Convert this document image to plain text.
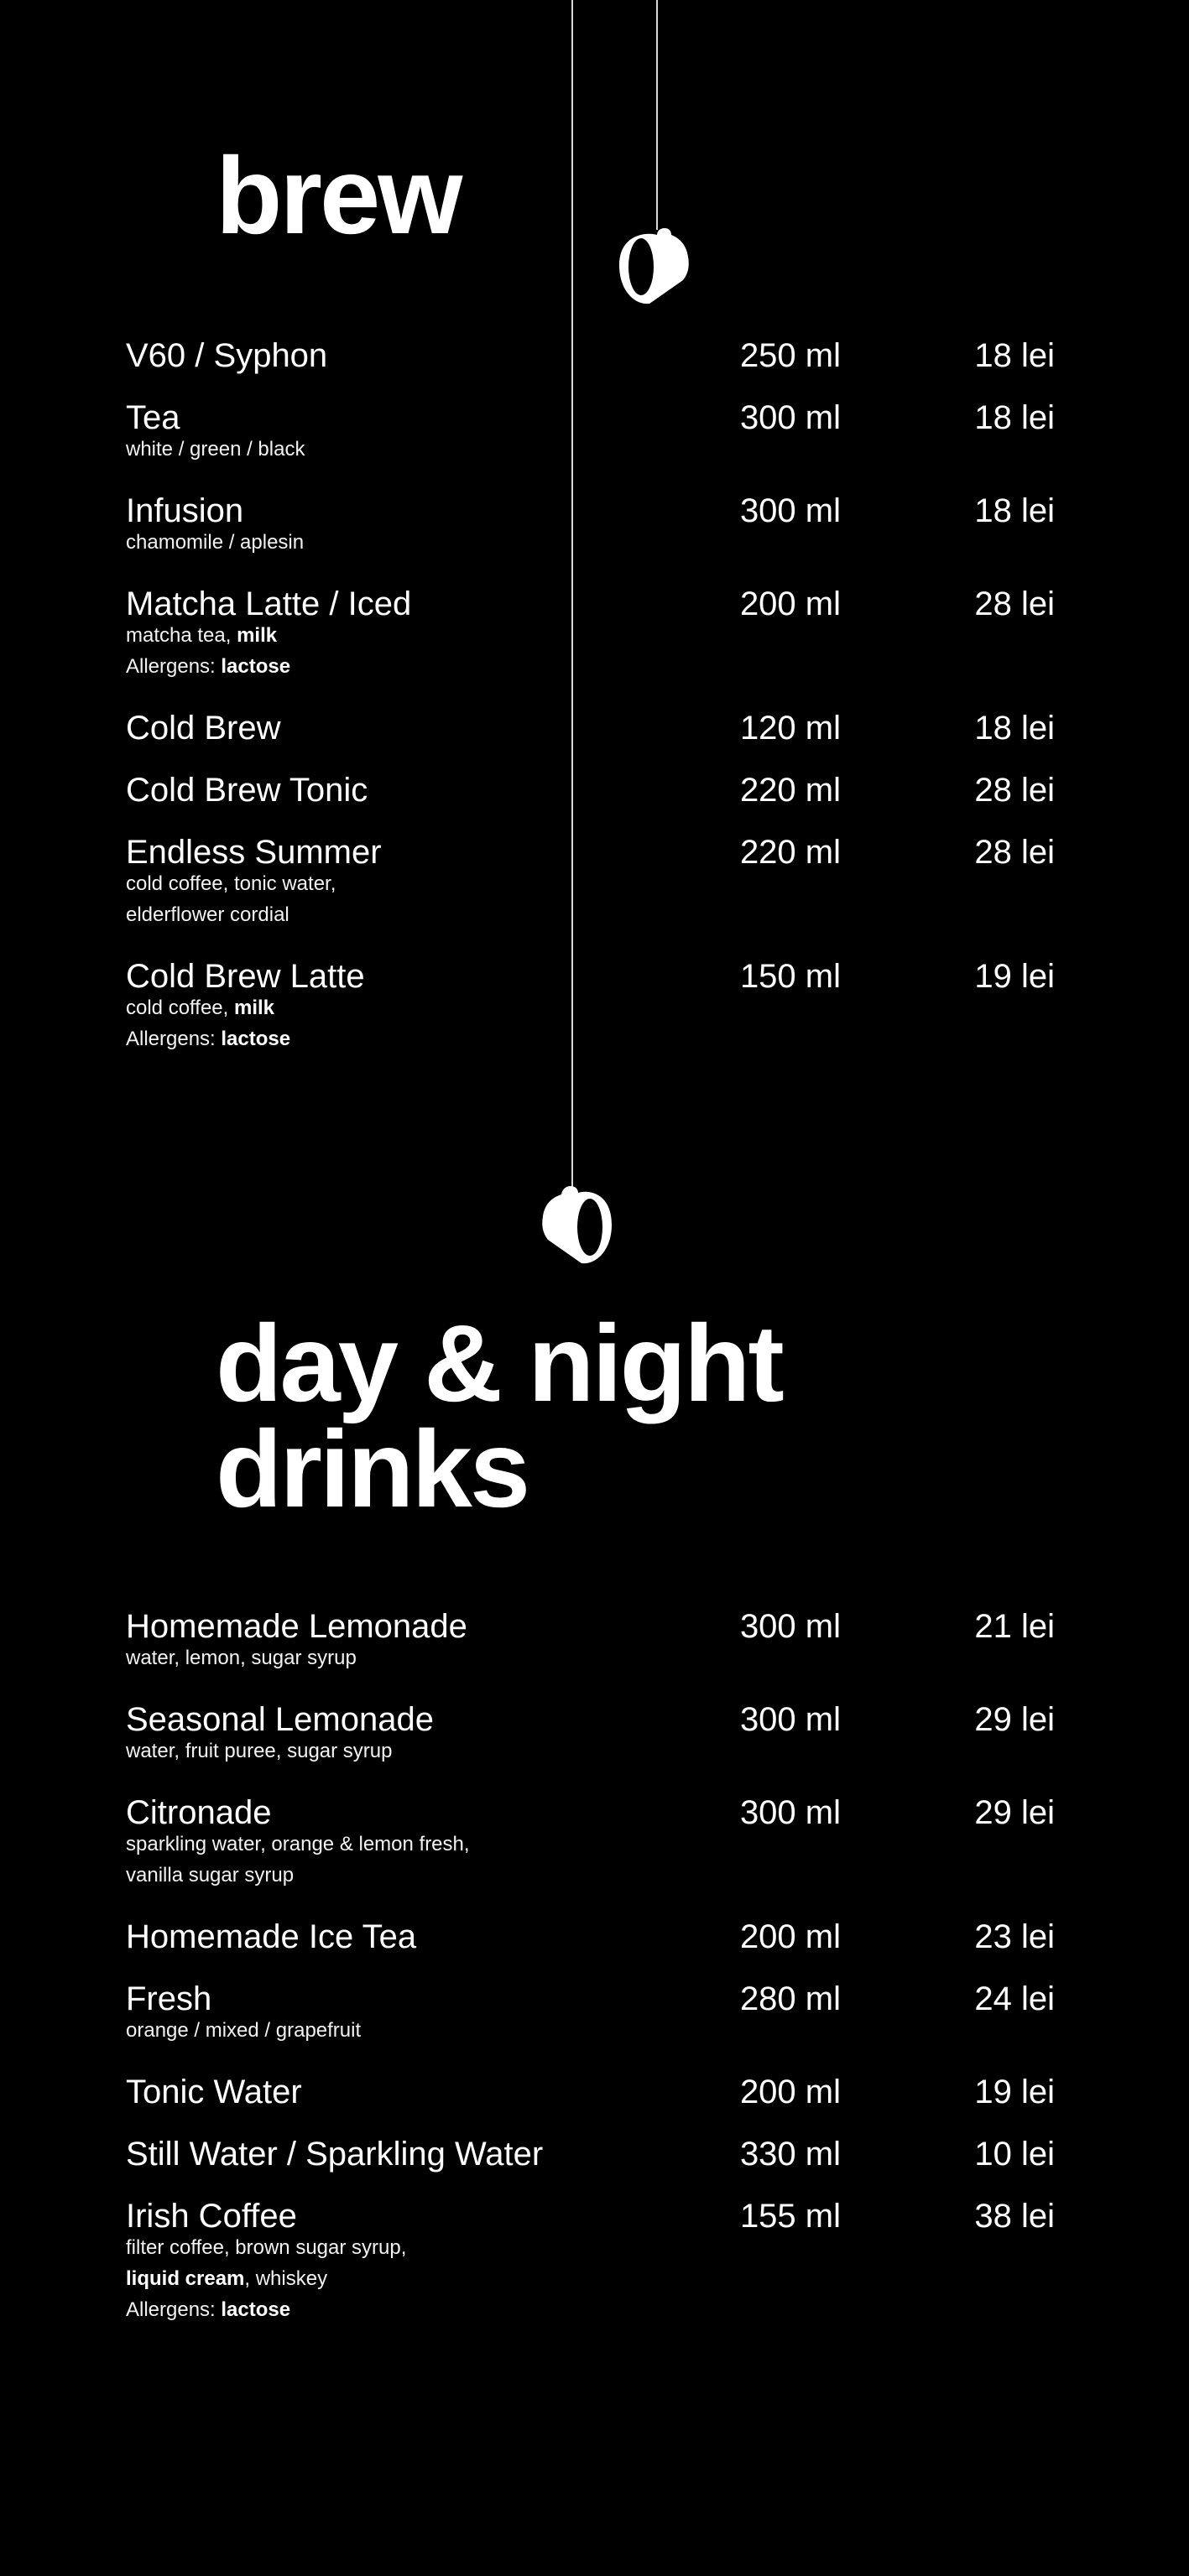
brew
V60 / Syphon	250 ml	18 lei
Tea	300 ml	18 lei
white / green / black
Infusion	300 ml	18 lei
chamomile / aplesin
Matcha Latte / Iced	200 ml	28 lei
matcha tea, milk
Allergens: lactose
Cold Brew	120 ml	18 lei
Cold Brew Tonic	220 ml	28 lei
Endless Summer	220 ml	28 lei
cold coffee, tonic water,
elderflower cordial
Cold Brew Latte	150 ml	19 lei
cold coffee, milk
Allergens: lactose
day & night
drinks
Homemade Lemonade	300 ml	21 lei
water, lemon, sugar syrup
Seasonal Lemonade	300 ml	29 lei
water, fruit puree, sugar syrup
Citronade	300 ml	29 lei
sparkling water, orange & lemon fresh,
vanilla sugar syrup
Homemade Ice Tea	200 ml	23 lei
Fresh	280 ml	24 lei
orange / mixed / grapefruit
Tonic Water	200 ml	19 lei
Still Water / Sparkling Water	330 ml	10 lei
Irish Coffee	155 ml	38 lei
filter coffee, brown sugar syrup,
liquid cream, whiskey
Allergens: lactose
